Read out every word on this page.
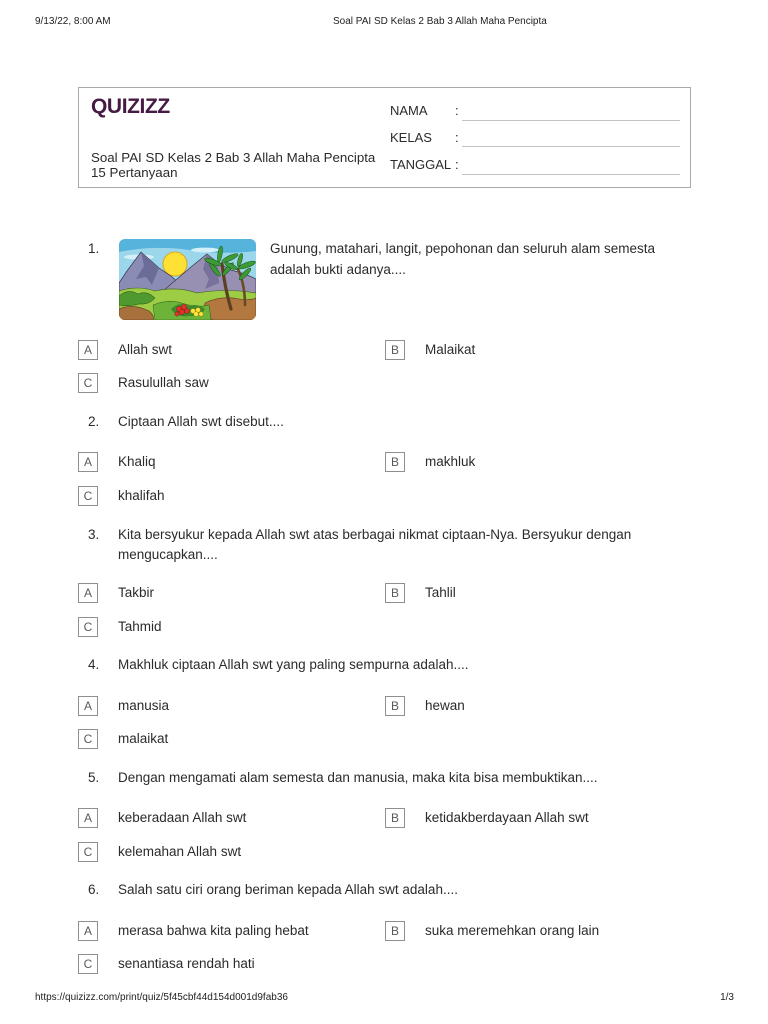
9/13/22, 8:00 AM	Soal PAI SD Kelas 2 Bab 3 Allah Maha Pencipta
QUIZIZZ
Soal PAI SD Kelas 2 Bab 3 Allah Maha Pencipta
15 Pertanyaan
NAMA :
KELAS :
TANGGAL :
1.	Gunung, matahari, langit, pepohonan dan seluruh alam semesta
adalah bukti adanya....
A	Allah swt	B	Malaikat
C	Rasulullah saw
2. Ciptaan Allah swt disebut....
A	Khaliq	B	makhluk
C	khalifah
3. Kita bersyukur kepada Allah swt atas berbagai nikmat ciptaan-Nya. Bersyukur dengan
mengucapkan....
A	Takbir	B	Tahlil
C	Tahmid
4. Makhluk ciptaan Allah swt yang paling sempurna adalah....
A	manusia	B	hewan
C	malaikat
5. Dengan mengamati alam semesta dan manusia, maka kita bisa membuktikan....
A	keberadaan Allah swt	B	ketidakberdayaan Allah swt
C	kelemahan Allah swt
6. Salah satu ciri orang beriman kepada Allah swt adalah....
A	merasa bahwa kita paling hebat	B	suka meremehkan orang lain
C	senantiasa rendah hati
https://quizizz.com/print/quiz/5f45cbf44d154d001d9fab36	1/3
